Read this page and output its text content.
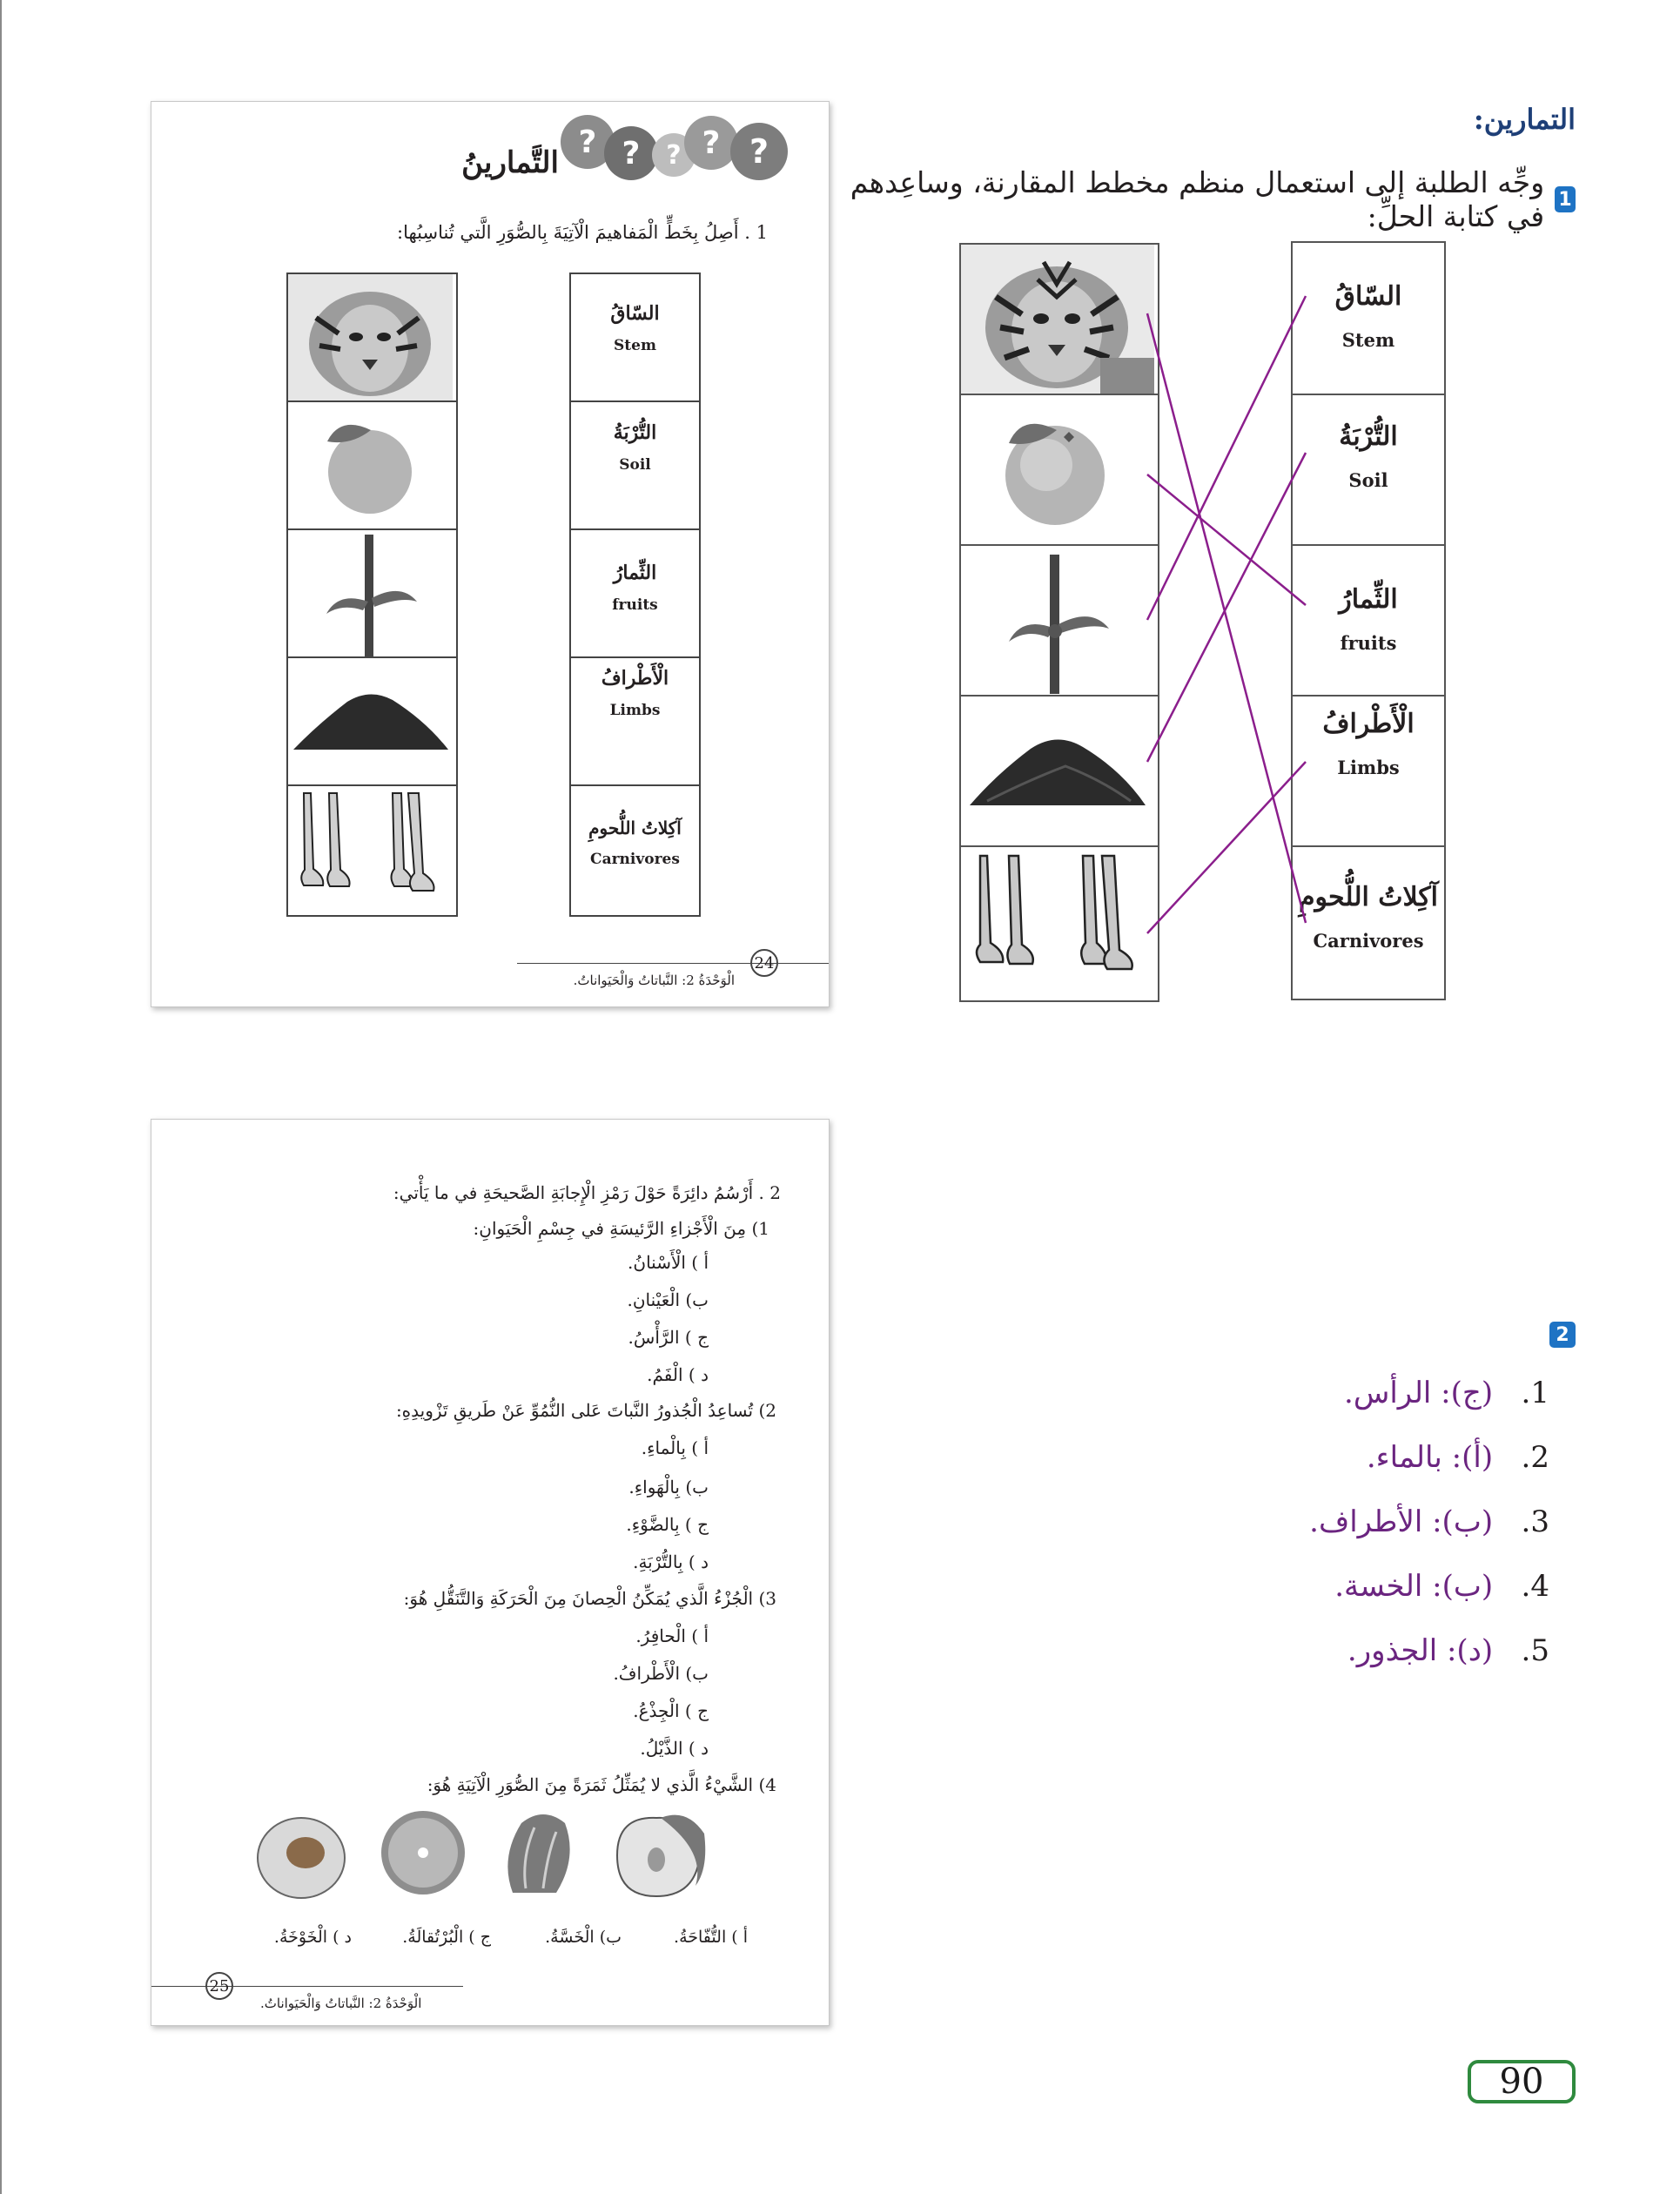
التمارين:
1
وجِّه الطلبة إلى استعمال منظم مخطط المقارنة، وساعِدهم في كتابة الحلِّ:
السّاقُ
Stem
التُّرْبَةُ
Soil
الثِّمارُ
fruits
الْأَطْرافُ
Limbs
آكِلاتُ اللُّحومِ
Carnivores
2
1.   (ج): الرأس.
2.   (أ): بالماء.
3.   (ب): الأطراف.
4.   (ب): الخسة.
5.   (د): الجذور.
90
? ? ? ? ?
التَّمارينُ
1 . أَصِلُ بِخَطٍّ الْمَفاهيمَ الْآتِيَةَ بِالصُّوَرِ الَّتي تُناسِبُها:
السّاقُ
Stem
التُّرْبَةُ
Soil
الثِّمارُ
fruits
الْأَطْرافُ
Limbs
آكِلاتُ اللُّحومِ
Carnivores
24
الْوَحْدَةُ 2: النَّباتاتُ وَالْحَيَواناتُ.
2 . أَرْسُمُ دائِرَةً حَوْلَ رَمْزِ الْإِجابَةِ الصَّحيحَةِ في ما يَأْتي:
1) مِنَ الْأَجْزاءِ الرَّئيسَةِ في جِسْمِ الْحَيَوانِ:
أ ) الْأَسْنانُ.
ب) الْعَيْنانِ.
ج ) الرَّأْسُ.
د ) الْفَمُ.
2) تُساعِدُ الْجُذورُ النَّباتَ عَلى النُّمُوِّ عَنْ طَريقِ تَزْويدِهِ:
أ ) بِالْماءِ.
ب) بِالْهَواءِ.
ج ) بِالضَّوْءِ.
د ) بِالتُّرْبَةِ.
3) الْجُزْءُ الَّذي يُمَكِّنُ الْحِصانَ مِنَ الْحَرَكَةِ وَالتَّنَقُّلِ هُوَ:
أ ) الْحافِرُ.
ب) الْأَطْرافُ.
ج ) الْجِذْعُ.
د ) الذَّيْلُ.
4) الشَّيْءُ الَّذي لا يُمَثِّلُ ثَمَرَةً مِنَ الصُّوَرِ الْآتِيَةِ هُوَ:
أ ) التُّفّاحَةُ.
ب) الْخَسَّةُ.
ج ) الْبُرْتُقالَةُ.
د ) الْخَوْخَةُ.
25
الْوَحْدَةُ 2: النَّباتاتُ وَالْحَيَواناتُ.
